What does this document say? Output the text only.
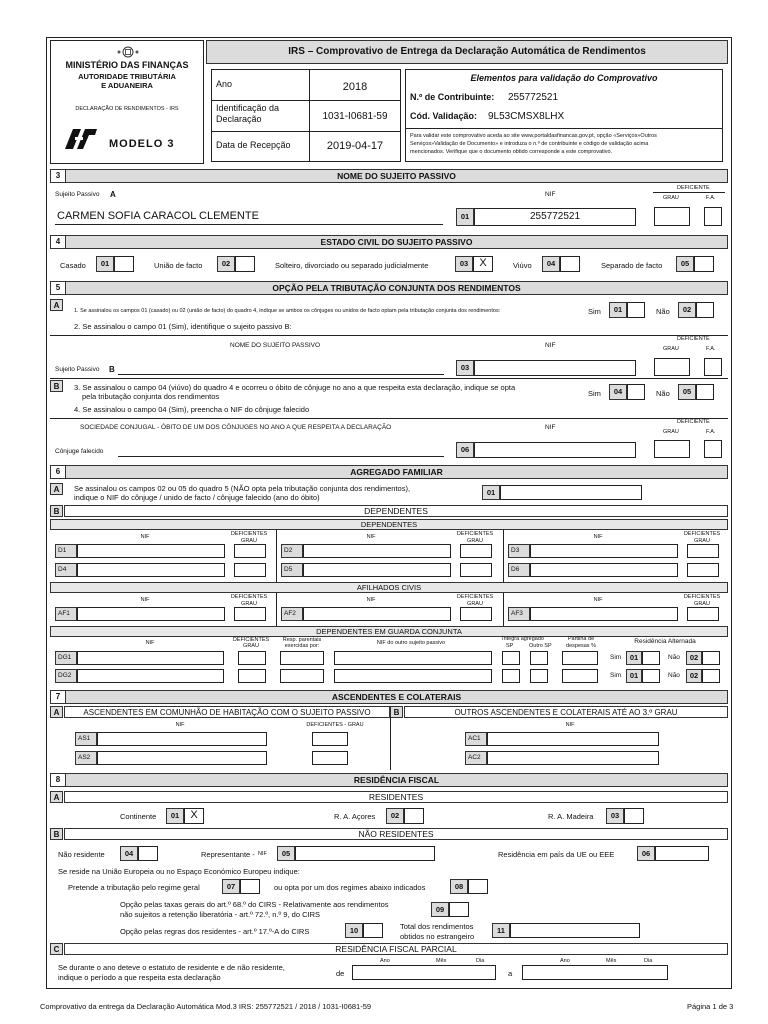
MINISTÉRIO DAS FINANÇAS
AUTORIDADE TRIBUTÁRIA
E ADUANEIRA
DECLARAÇÃO DE RENDIMENTOS - IRS
MODELO 3
IRS – Comprovativo de Entrega da Declaração Automática de Rendimentos
Ano	2018
Identificação da
Declaração	1031-I0681-59
Data de Recepção	2019-04-17
Elementos para validação do Comprovativo
N.º de Contribuinte: 255772521
Cód. Validação: 9L53CMSX8LHX
Para validar este comprovativo aceda ao site www.portaldasfinancas.gov.pt, opção «Serviços»Outros
Serviços»Validação de Documento» e introduza o n.º de contribuinte e código de validação acima
mencionados. Verifique que o documento obtido corresponde a este comprovativo.
3	NOME DO SUJEITO PASSIVO
Sujeito Passivo A	NIF
DEFICIENTE
GRAU	F.A.
CARMEN SOFIA CARACOL CLEMENTE	01	255772521
4	ESTADO CIVIL DO SUJEITO PASSIVO
Casado	01	União de facto	02	Solteiro, divorciado ou separado judicialmente	03	X	Viúvo	04	Separado de facto	05
5	OPÇÃO PELA TRIBUTAÇÃO CONJUNTA DOS RENDIMENTOS
A
1. Se assinalou os campos 01 (casado) ou 02 (união de facto) do quadro 4, indique se ambos os cônjuges ou unidos de facto optam pela tributação conjunta dos rendimentos:	Sim	01	Não	02
2. Se assinalou o campo 01 (Sim), identifique o sujeito passivo B:
NOME DO SUJEITO PASSIVO	NIF
DEFICIENTE
GRAU	F.A.
Sujeito Passivo B	03
B	3. Se assinalou o campo 04 (viúvo) do quadro 4 e ocorreu o óbito de cônjuge no ano a que respeita esta declaração, indique se opta
pela tributação conjunta dos rendimentos	Sim	04	Não	05
4. Se assinalou o campo 04 (Sim), preencha o NIF do cônjuge falecido
SOCIEDADE CONJUGAL - ÓBITO DE UM DOS CÔNJUGES NO ANO A QUE RESPEITA A DECLARAÇÃO	NIF
DEFICIENTE
GRAU	F.A.
Cônjuge falecido	06
6	AGREGADO FAMILIAR
A	Se assinalou os campos 02 ou 05 do quadro 5 (NÃO opta pela tributação conjunta dos rendimentos),
indique o NIF do cônjuge / unido de facto / cônjuge falecido (ano do óbito)
01
B	DEPENDENTES
DEPENDENTES
NIF	DEFICIENTES
GRAU
NIF	DEFICIENTES
GRAU
NIF	DEFICIENTES
GRAU
D1	D2	D3
D4	D5	D6
AFILHADOS CIVIS
NIF	DEFICIENTES
GRAU
NIF	DEFICIENTES
GRAU
NIF	DEFICIENTES
GRAU
AF1	AF2	AF3
DEPENDENTES EM GUARDA CONJUNTA
NIF	DEFICIENTES
GRAU
Resp. parentais
exercidas por:	NIF do outro sujeito passivo
Integra agregado
SP	Outro SP
Partilha de
despesas %
Residência Alternada
DG1	Sim	01	Não	02
DG2	Sim	01	Não	02
7	ASCENDENTES E COLATERAIS
A	ASCENDENTES EM COMUNHÃO DE HABITAÇÃO COM O SUJEITO PASSIVO	B	OUTROS ASCENDENTES E COLATERAIS ATÉ AO 3.º GRAU
NIF	DEFICIENTES - GRAU	NIF
AS1	AC1
AS2	AC2
8	RESIDÊNCIA FISCAL
A	RESIDENTES
Continente	01	X	R. A. Açores	02	R. A. Madeira	03
B	NÃO RESIDENTES
Não residente	04	Representante - NIF	05	Residência em país da UE ou EEE	06
Se reside na União Europeia ou no Espaço Económico Europeu indique:
Pretende a tributação pelo regime geral	07	ou opta por um dos regimes abaixo indicados	08
Opção pelas taxas gerais do art.º 68.º do CIRS - Relativamente aos rendimentos
não sujeitos a retenção liberatória - art.º 72.º, n.º 9, do CIRS
09
Opção pelas regras dos residentes - art.º 17.º-A do CIRS	10	Total dos rendimentos
obtidos no estrangeiro
11
C	RESIDÊNCIA FISCAL PARCIAL
Se durante o ano deteve o estatuto de residente e de não residente,
indique o período a que respeita esta declaração	de
Ano	Mês	Dia
a
Ano	Mês	Dia
Comprovativo da entrega da Declaração Automática Mod.3 IRS: 255772521 / 2018 / 1031-I0681-59	Página 1 de 3
